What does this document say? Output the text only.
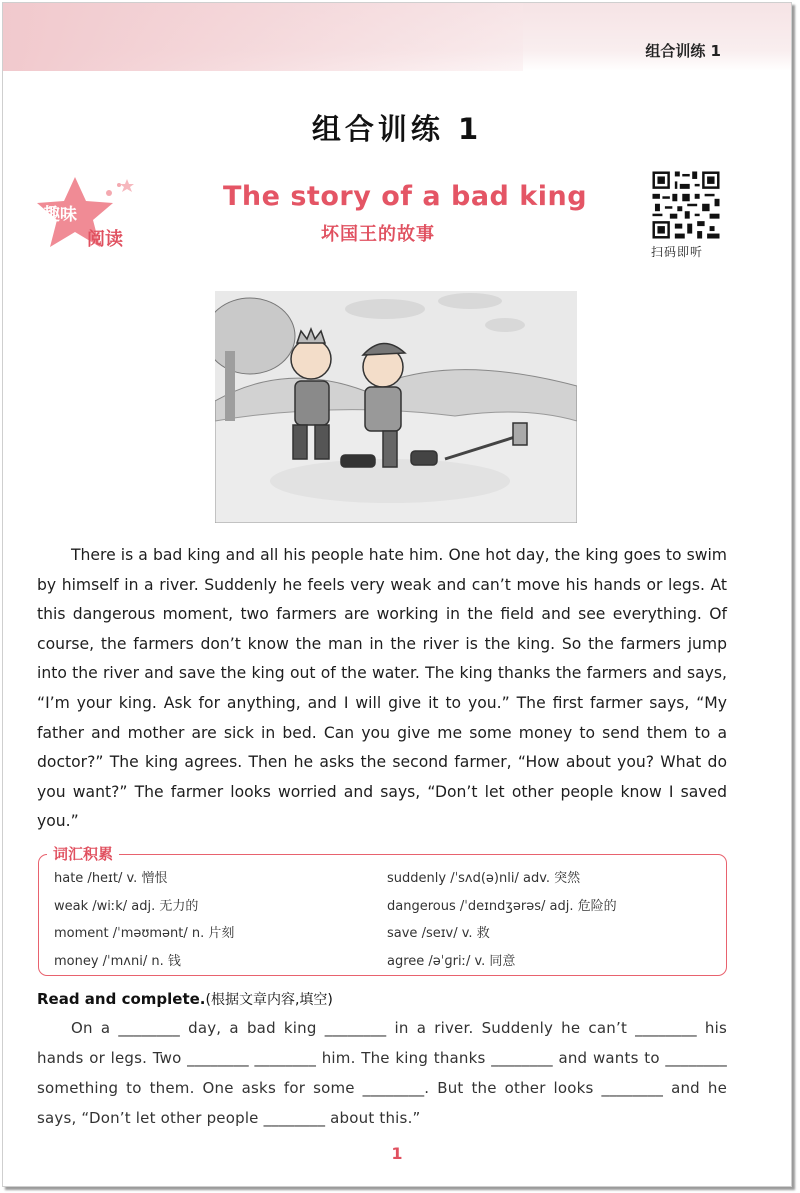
组合训练 1
组合训练 1
趣味
阅读
The story of a bad king
坏国王的故事
扫码即听

There is a bad king and all his people hate him. One hot day, the king goes to swim by himself in a river. Suddenly he feels very weak and can’t move his hands or legs. At this dangerous moment, two farmers are working in the field and see everything. Of course, the farmers don’t know the man in the river is the king. So the farmers jump into the river and save the king out of the water. The king thanks the farmers and says, “I’m your king. Ask for anything, and I will give it to you.” The first farmer says, “My father and mother are sick in bed. Can you give me some money to send them to a doctor?” The king agrees. Then he asks the second farmer, “How about you? What do you want?” The farmer looks worried and says, “Don’t let other people know I saved you.”

词汇积累
hate /heɪt/ v. 憎恨
weak /wiːk/ adj. 无力的
moment /ˈməʊmənt/ n. 片刻
money /ˈmʌni/ n. 钱
suddenly /ˈsʌd(ə)nli/ adv. 突然
dangerous /ˈdeɪndʒərəs/ adj. 危险的
save /seɪv/ v. 救
agree /əˈɡriː/ v. 同意
Read and complete.(根据文章内容,填空)

On a ________ day, a bad king ________ in a river. Suddenly he can’t ________ his hands or legs. Two ________ ________ him. The king thanks ________ and wants to ________ something to them. One asks for some ________. But the other looks ________ and he says, “Don’t let other people ________ about this.”

1
